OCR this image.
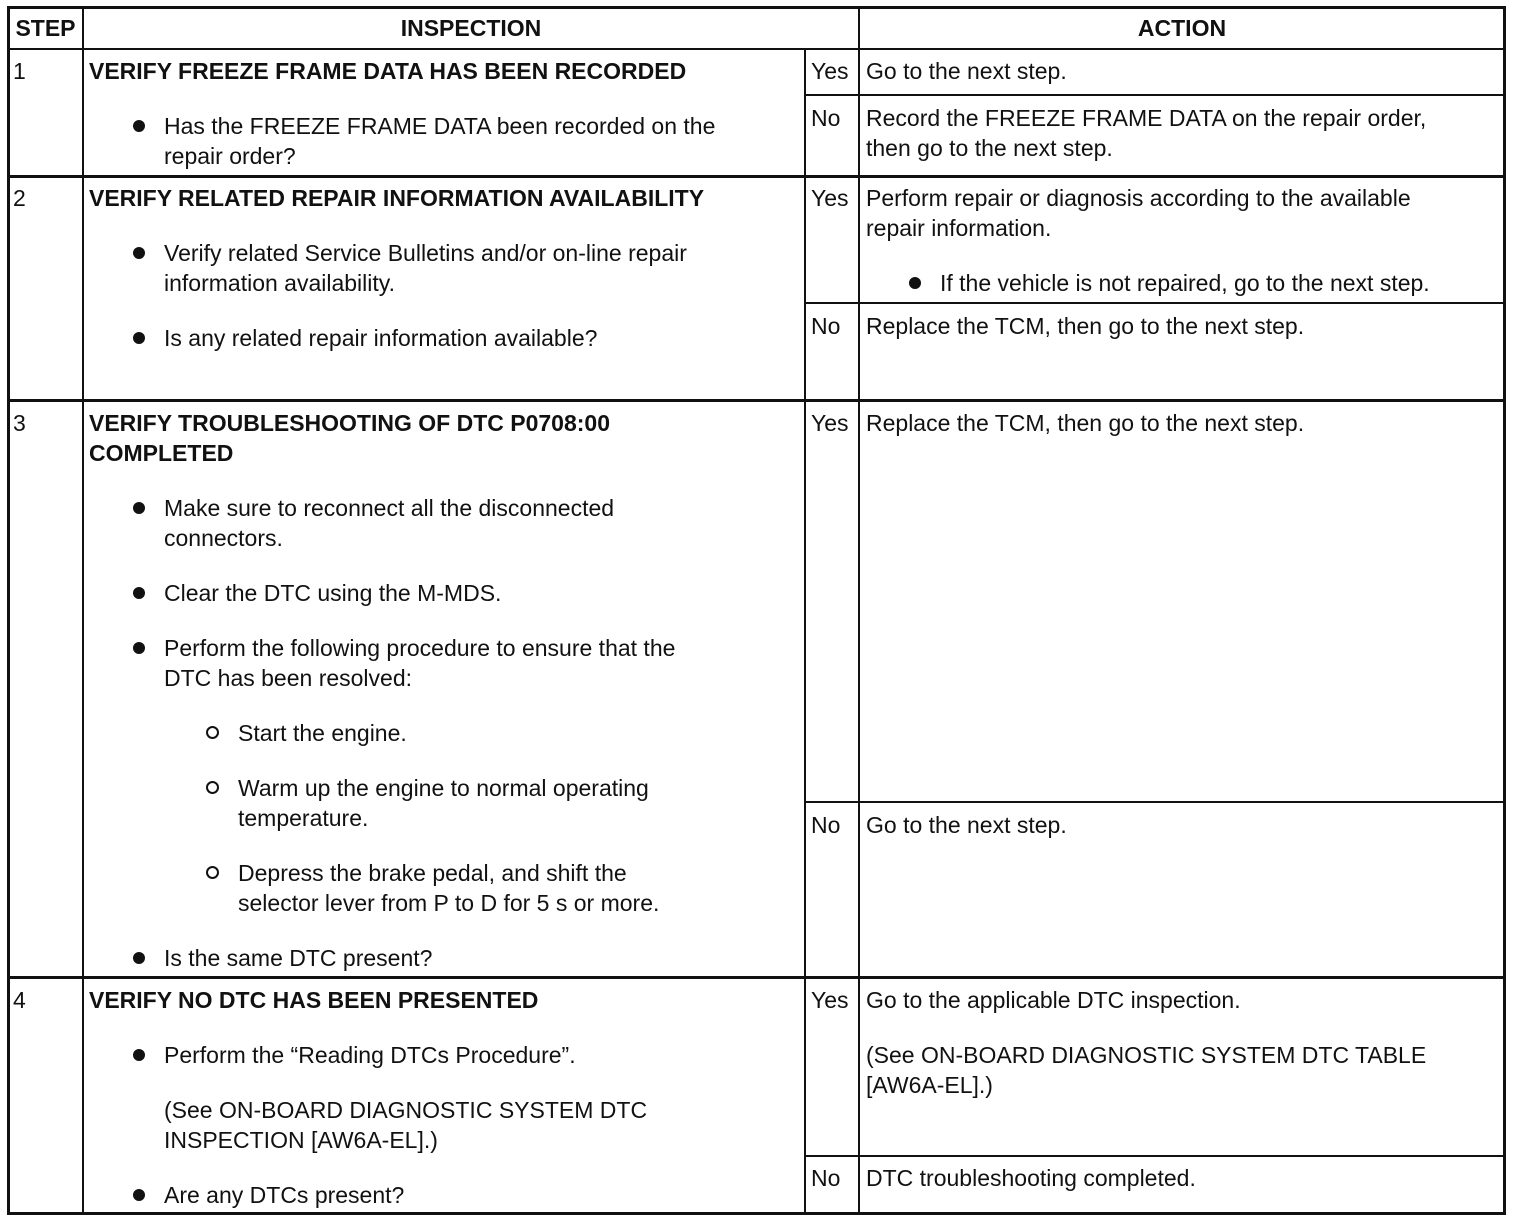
STEP	INSPECTION	ACTION
1	VERIFY FREEZE FRAME DATA HAS BEEN RECORDED
Has the FREEZE FRAME DATA been recorded on the
repair order?
Yes Go to the next step.
No Record the FREEZE FRAME DATA on the repair order,
then go to the next step.
2	VERIFY RELATED REPAIR INFORMATION AVAILABILITY
Verify related Service Bulletins and/or on-line repair
information availability.
Is any related repair information available?
Yes Perform repair or diagnosis according to the available
repair information.
If the vehicle is not repaired, go to the next step.
No Replace the TCM, then go to the next step.
3	VERIFY TROUBLESHOOTING OF DTC P0708:00
COMPLETED
Make sure to reconnect all the disconnected
connectors.
Clear the DTC using the M-MDS.
Perform the following procedure to ensure that the
DTC has been resolved:
Start the engine.
Warm up the engine to normal operating
temperature.
Depress the brake pedal, and shift the
selector lever from P to D for 5 s or more.
Is the same DTC present?
Yes Replace the TCM, then go to the next step.
No Go to the next step.
4	VERIFY NO DTC HAS BEEN PRESENTED
Perform the “Reading DTCs Procedure”.
(See ON-BOARD DIAGNOSTIC SYSTEM DTC
INSPECTION [AW6A-EL].)
Are any DTCs present?
Yes Go to the applicable DTC inspection.
(See ON-BOARD DIAGNOSTIC SYSTEM DTC TABLE
[AW6A-EL].)
No DTC troubleshooting completed.
